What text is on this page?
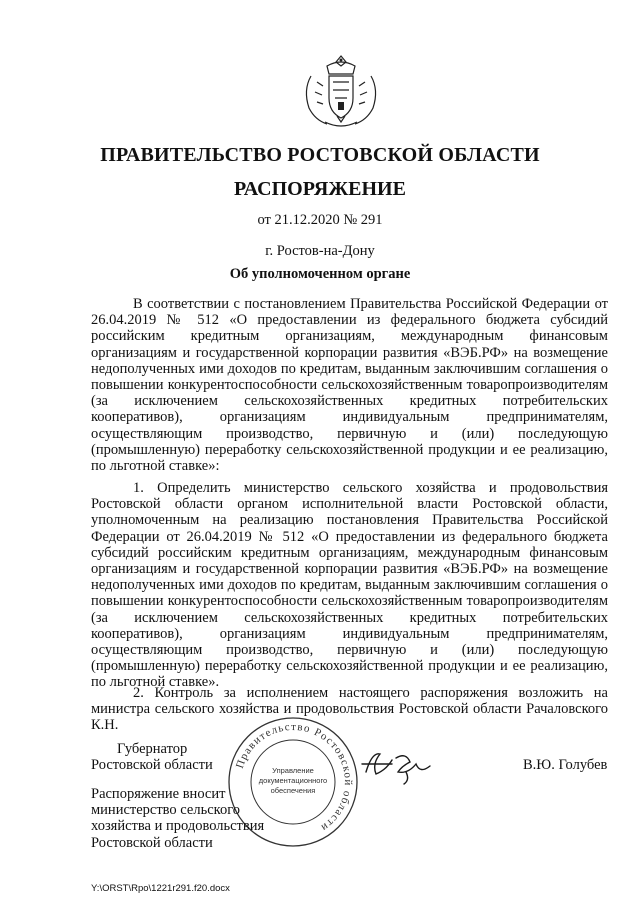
ПРАВИТЕЛЬСТВО РОСТОВСКОЙ ОБЛАСТИ
РАСПОРЯЖЕНИЕ
от 21.12.2020 № 291
г. Ростов-на-Дону
Об уполномоченном органе

В соответствии с постановлением Правительства Российской Федерации от 26.04.2019 № 512 «О предоставлении из федерального бюджета субсидий российским кредитным организациям, международным финансовым организациям и государственной корпорации развития «ВЭБ.РФ» на возмещение недополученных ими доходов по кредитам, выданным заключившим соглашения о повышении конкурентоспособности сельскохозяйственным товаропроизводителям (за исключением сельскохозяйственных кредитных потребительских кооперативов), организациям индивидуальным предпринимателям, осуществляющим производство, первичную и (или) последующую (промышленную) переработку сельскохозяйственной продукции и ее реализацию, по льготной ставке»:

1. Определить министерство сельского хозяйства и продовольствия Ростовской области органом исполнительной власти Ростовской области, уполномоченным на реализацию постановления Правительства Российской Федерации от 26.04.2019 № 512 «О предоставлении из федерального бюджета субсидий российским кредитным организациям, международным финансовым организациям и государственной корпорации развития «ВЭБ.РФ» на возмещение недополученных ими доходов по кредитам, выданным заключившим соглашения о повышении конкурентоспособности сельскохозяйственным товаропроизводителям (за исключением сельскохозяйственных кредитных потребительских кооперативов), организациям индивидуальным предпринимателям, осуществляющим производство, первичную и (или) последующую (промышленную) переработку сельскохозяйственной продукции и ее реализацию, по льготной ставке».

2. Контроль за исполнением настоящего распоряжения возложить на министра сельского хозяйства и продовольствия Ростовской области Рачаловского К.Н.

Губернатор
Ростовской области	В.Ю. Голубев
Правительство Ростовской области
Управление
документационного
обеспечения
Распоряжение вносит
министерство сельского
хозяйства и продовольствия
Ростовской области
Y:\ORST\Rpo\1221r291.f20.docx
